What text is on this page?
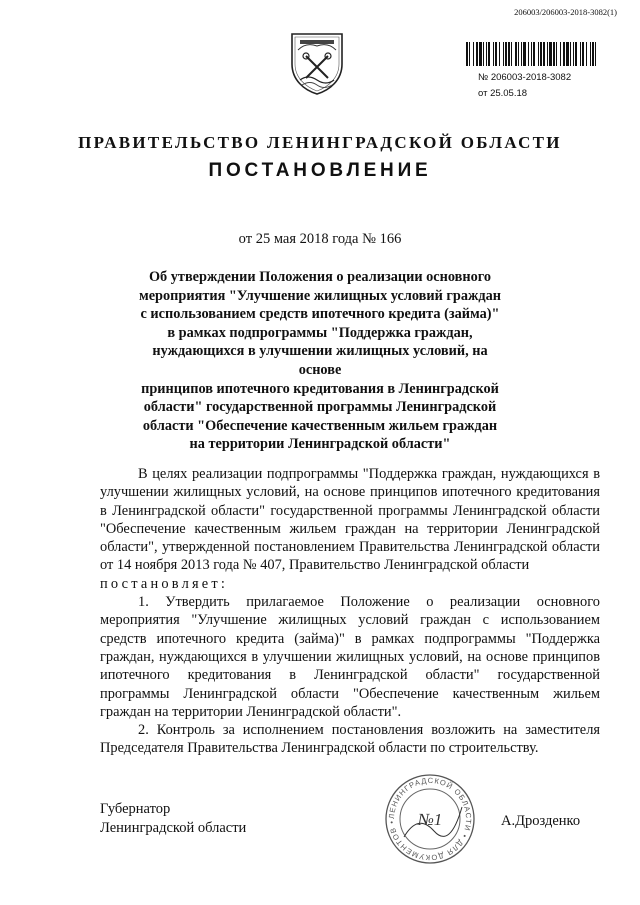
206003/206003-2018-3082(1)
№ 206003-2018-3082
от 25.05.18
ПРАВИТЕЛЬСТВО ЛЕНИНГРАДСКОЙ ОБЛАСТИ
ПОСТАНОВЛЕНИЕ
от 25 мая 2018 года № 166
Об утверждении Положения о реализации основного
мероприятия "Улучшение жилищных условий граждан
с использованием средств ипотечного кредита (займа)"
в рамках подпрограммы "Поддержка граждан,
нуждающихся в улучшении жилищных условий, на основе
принципов ипотечного кредитования в Ленинградской
области" государственной программы Ленинградской
области "Обеспечение качественным жильем граждан
на территории Ленинградской области"

В целях реализации подпрограммы "Поддержка граждан, нуждающихся в улучшении жилищных условий, на основе принципов ипотечного кредитования в Ленинградской области" государственной программы Ленинградской области "Обеспечение качественным жильем граждан на территории Ленинградской области", утвержденной постановлением Правительства Ленинградской области от 14 ноября 2013 года № 407, Правительство Ленинградской области

постановляет:

1. Утвердить прилагаемое Положение о реализации основного мероприятия "Улучшение жилищных условий граждан с использованием средств ипотечного кредита (займа)" в рамках подпрограммы "Поддержка граждан, нуждающихся в улучшении жилищных условий, на основе принципов ипотечного кредитования в Ленинградской области" государственной программы Ленинградской области "Обеспечение качественным жильем граждан на территории Ленинградской области".

2. Контроль за исполнением постановления возложить на заместителя Председателя Правительства Ленинградской области по строительству.

Губернатор
Ленинградской области
ЛЕНИНГРАДСКОЙ ОБЛАСТИ • ДЛЯ ДОКУМЕНТОВ •	№1	А.Дрозденко
